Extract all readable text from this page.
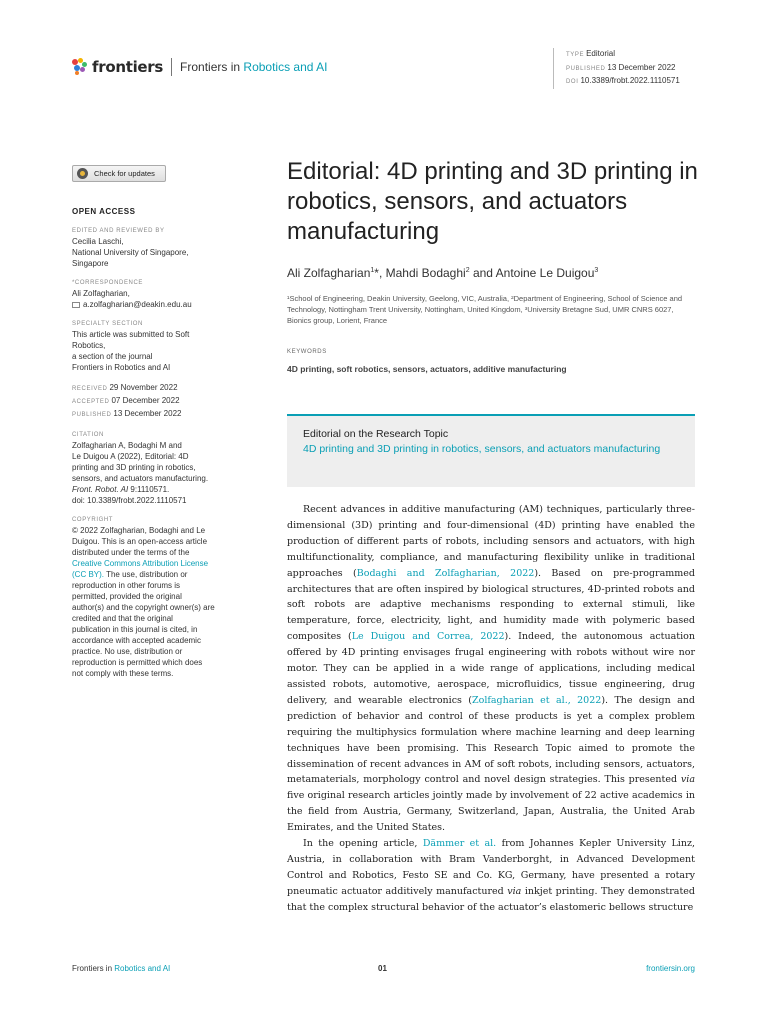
frontiers Frontiers in Robotics and AI
TYPE Editorial
PUBLISHED 13 December 2022
DOI 10.3389/frobt.2022.1110571
Check for updates
OPEN ACCESS
EDITED AND REVIEWED BY
Cecilia Laschi,
National University of Singapore,
Singapore
*CORRESPONDENCE
Ali Zolfagharian,
a.zolfagharian@deakin.edu.au
SPECIALTY SECTION
This article was submitted to Soft
Robotics,
a section of the journal
Frontiers in Robotics and AI
RECEIVED 29 November 2022
ACCEPTED 07 December 2022
PUBLISHED 13 December 2022
CITATION
Zolfagharian A, Bodaghi M and
Le Duigou A (2022), Editorial: 4D
printing and 3D printing in robotics,
sensors, and actuators manufacturing.
Front. Robot. AI 9:1110571.
doi: 10.3389/frobt.2022.1110571
COPYRIGHT
© 2022 Zolfagharian, Bodaghi and Le
Duigou. This is an open-access article
distributed under the terms of the
Creative Commons Attribution License
(CC BY). The use, distribution or
reproduction in other forums is
permitted, provided the original
author(s) and the copyright owner(s) are
credited and that the original
publication in this journal is cited, in
accordance with accepted academic
practice. No use, distribution or
reproduction is permitted which does
not comply with these terms.
Editorial: 4D printing and 3D printing in robotics, sensors, and actuators manufacturing
Ali Zolfagharian$^1$*, Mahdi Bodaghi$^2$ and Antoine Le Duigou$^3$
¹School of Engineering, Deakin University, Geelong, VIC, Australia, ²Department of Engineering, School of Science and Technology, Nottingham Trent University, Nottingham, United Kingdom, ³University Bretagne Sud, UMR CNRS 6027, Bionics group, Lorient, France
KEYWORDS
4D printing, soft robotics, sensors, actuators, additive manufacturing
Editorial on the Research Topic
4D printing and 3D printing in robotics, sensors, and actuators manufacturing

Recent advances in additive manufacturing (AM) techniques, particularly three-dimensional (3D) printing and four-dimensional (4D) printing have enabled the production of different parts of robots, including sensors and actuators, with high multifunctionality, compliance, and manufacturing flexibility unlike in traditional approaches (Bodaghi and Zolfagharian, 2022). Based on pre-programmed architectures that are often inspired by biological structures, 4D-printed robots and soft robots are adaptive mechanisms responding to external stimuli, like temperature, force, electricity, light, and humidity made with polymeric based composites (Le Duigou and Correa, 2022). Indeed, the autonomous actuation offered by 4D printing envisages frugal engineering with robots without wire nor motor. They can be applied in a wide range of applications, including medical assisted robots, automotive, aerospace, microfluidics, tissue engineering, drug delivery, and wearable electronics (Zolfagharian et al., 2022). The design and prediction of behavior and control of these products is yet a complex problem requiring the multiphysics formulation where machine learning and deep learning techniques have been promising. This Research Topic aimed to promote the dissemination of recent advances in AM of soft robots, including sensors, actuators, metamaterials, morphology control and novel design strategies. This presented via five original research articles jointly made by involvement of 22 active academics in the field from Austria, Germany, Switzerland, Japan, Australia, the United Arab Emirates, and the United States.

In the opening article, Dämmer et al. from Johannes Kepler University Linz, Austria, in collaboration with Bram Vanderborght, in Advanced Development Control and Robotics, Festo SE and Co. KG, Germany, have presented a rotary pneumatic actuator additively manufactured via inkjet printing. They demonstrated that the complex structural behavior of the actuator’s elastomeric bellows structure

Frontiers in Robotics and AI	01	frontiersin.org
